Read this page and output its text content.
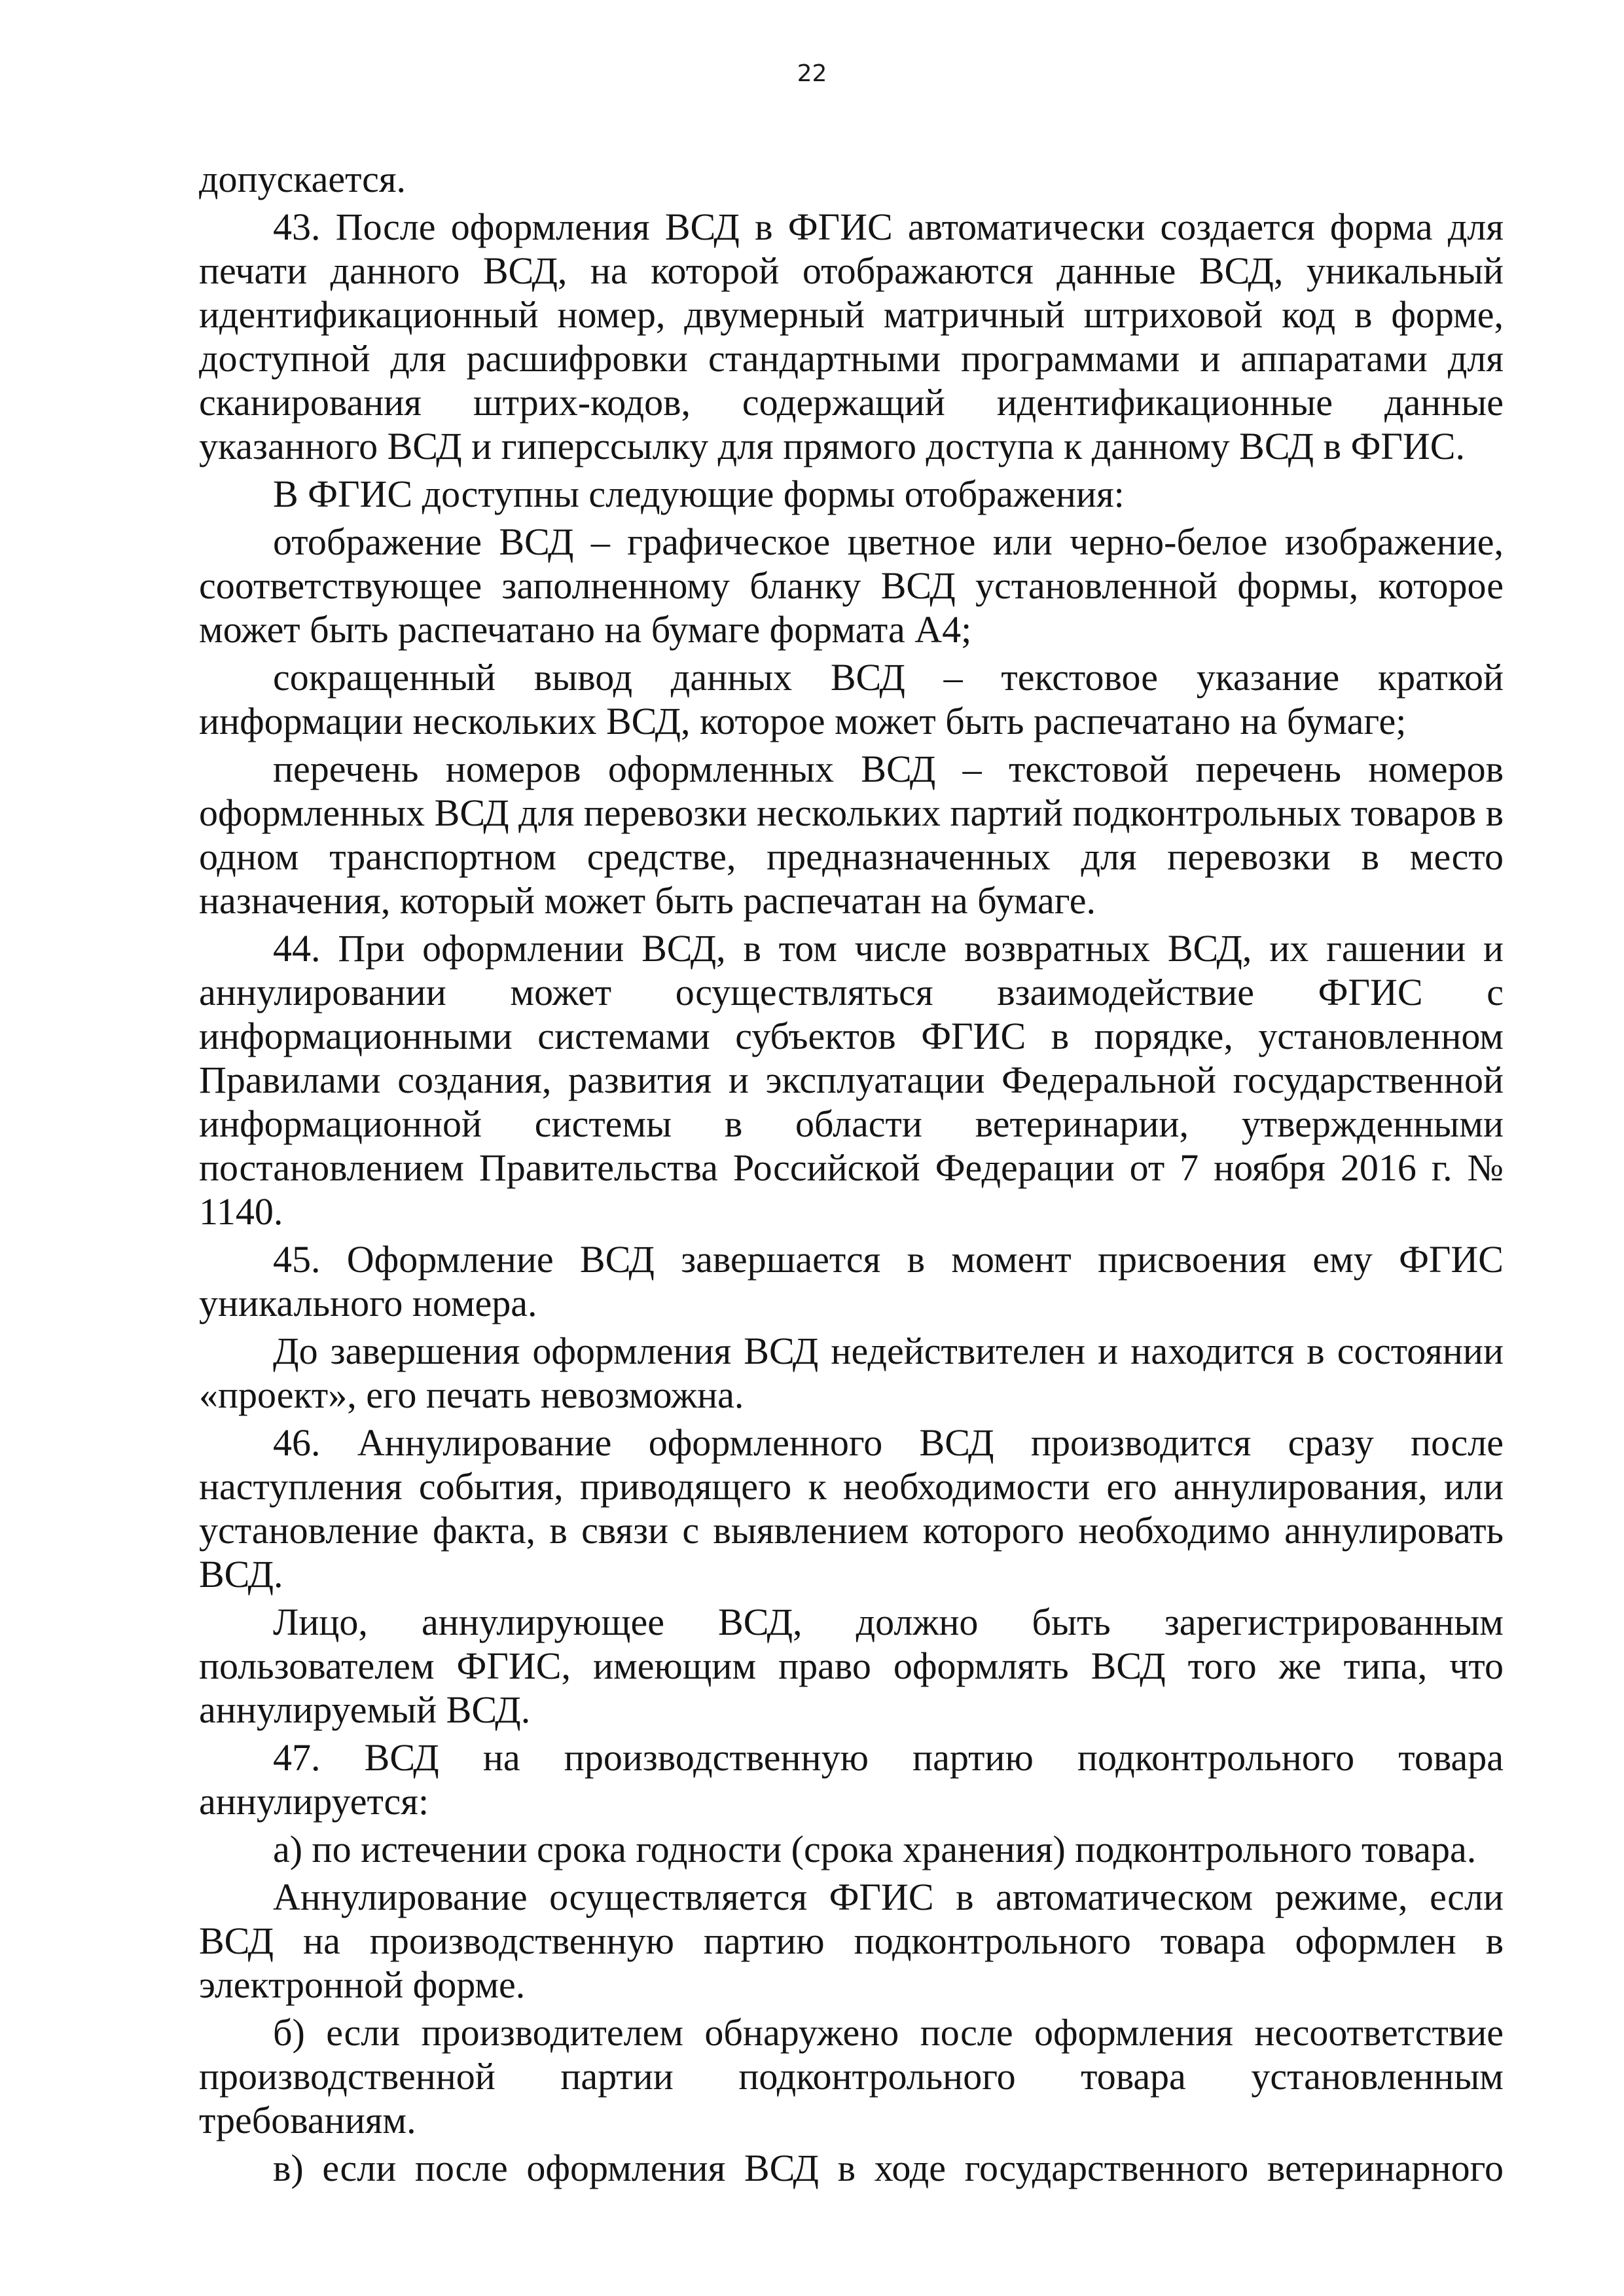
22

допускается.

43. После оформления ВСД в ФГИС автоматически создается форма для печати данного ВСД, на которой отображаются данные ВСД, уникальный идентификационный номер, двумерный матричный штриховой код в форме, доступной для расшифровки стандартными программами и аппаратами для сканирования штрих-кодов, содержащий идентификационные данные указанного ВСД и гиперссылку для прямого доступа к данному ВСД в ФГИС.

В ФГИС доступны следующие формы отображения:

отображение ВСД – графическое цветное или черно-белое изображение, соответствующее заполненному бланку ВСД установленной формы, которое может быть распечатано на бумаге формата А4;

сокращенный вывод данных ВСД – текстовое указание краткой информации нескольких ВСД, которое может быть распечатано на бумаге;

перечень номеров оформленных ВСД – текстовой перечень номеров оформленных ВСД для перевозки нескольких партий подконтрольных товаров в одном транспортном средстве, предназначенных для перевозки в место назначения, который может быть распечатан на бумаге.

44. При оформлении ВСД, в том числе возвратных ВСД, их гашении и аннулировании может осуществляться взаимодействие ФГИС с информационными системами субъектов ФГИС в порядке, установленном Правилами создания, развития и эксплуатации Федеральной государственной информационной системы в области ветеринарии, утвержденными постановлением Правительства Российской Федерации от 7 ноября 2016 г. № 1140.

45. Оформление ВСД завершается в момент присвоения ему ФГИС уникального номера.

До завершения оформления ВСД недействителен и находится в состоянии «проект», его печать невозможна.

46. Аннулирование оформленного ВСД производится сразу после наступления события, приводящего к необходимости его аннулирования, или установление факта, в связи с выявлением которого необходимо аннулировать ВСД.

Лицо, аннулирующее ВСД, должно быть зарегистрированным пользователем ФГИС, имеющим право оформлять ВСД того же типа, что аннулируемый ВСД.

47. ВСД на производственную партию подконтрольного товара аннулируется:

а) по истечении срока годности (срока хранения) подконтрольного товара.

Аннулирование осуществляется ФГИС в автоматическом режиме, если ВСД на производственную партию подконтрольного товара оформлен в электронной форме.

б) если производителем обнаружено после оформления несоответствие производственной партии подконтрольного товара установленным требованиям.

в) если после оформления ВСД в ходе государственного ветеринарного
